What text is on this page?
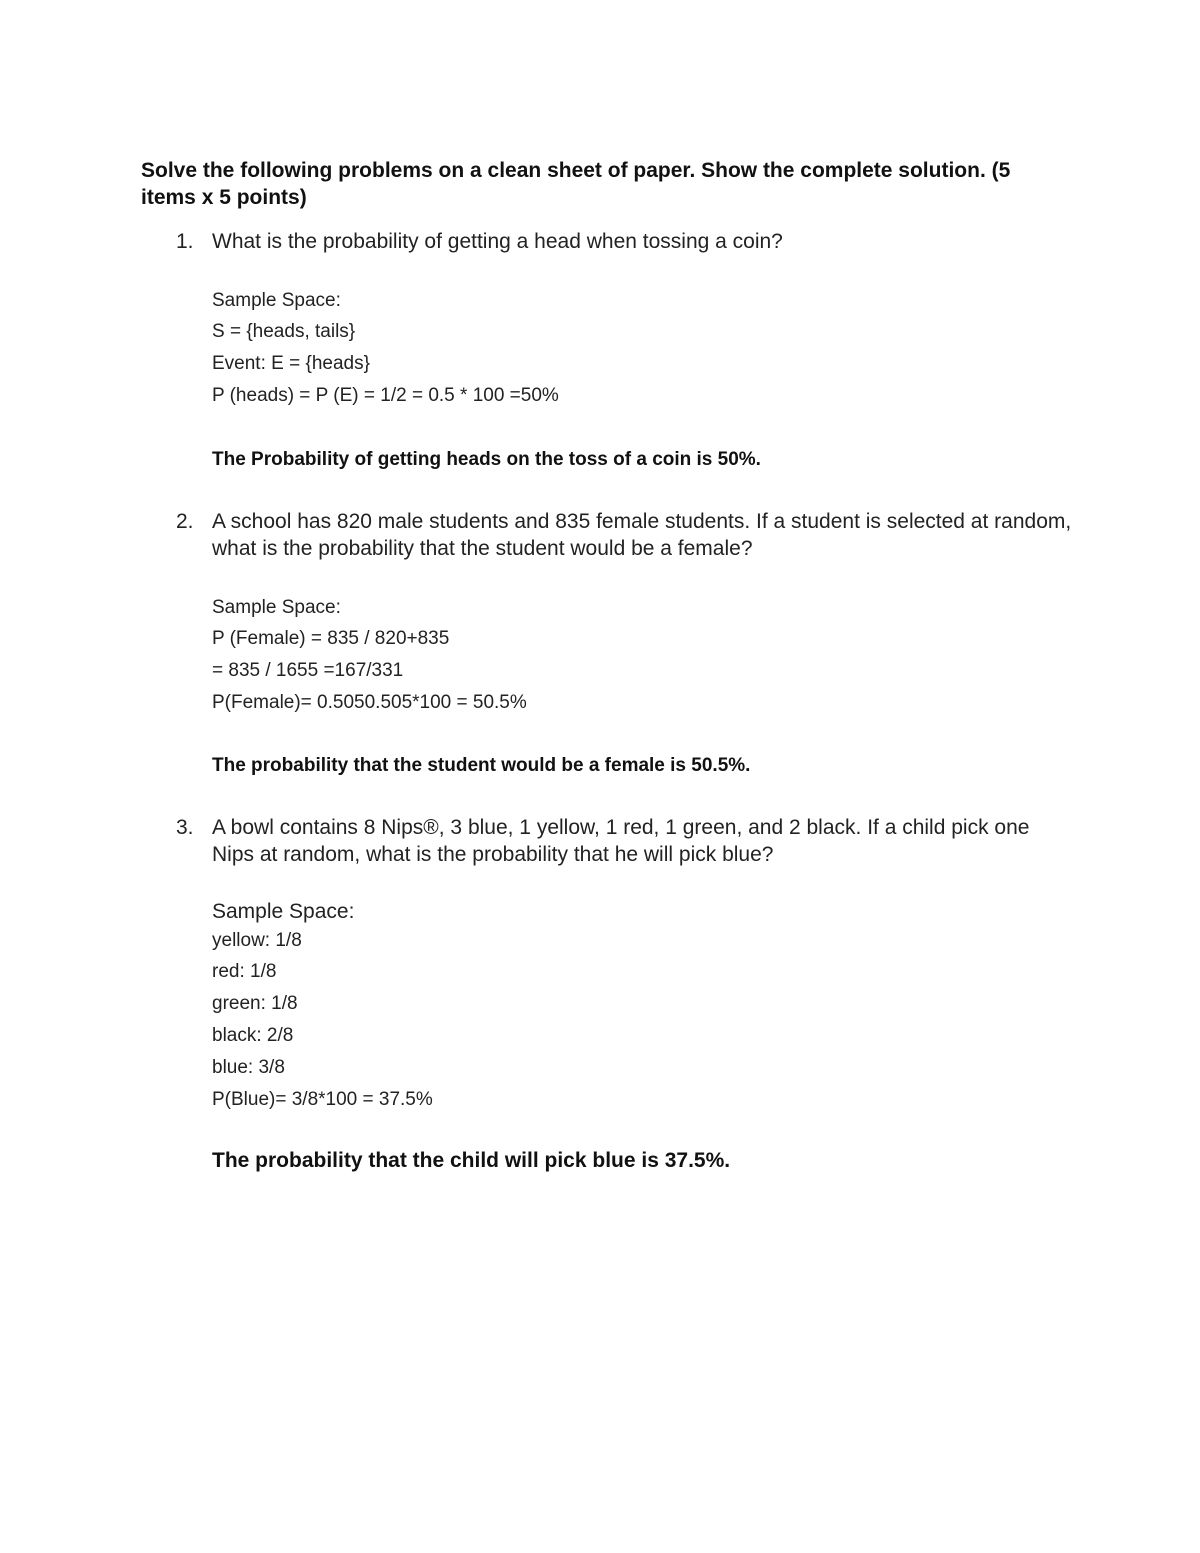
Solve the following problems on a clean sheet of paper. Show the complete solution. (5 items x 5 points)

1. What is the probability of getting a head when tossing a coin?

Sample Space:
S = {heads, tails}
Event: E = {heads}
P (heads) = P (E) = 1/2 = 0.5 * 100 =50%
The Probability of getting heads on the toss of a coin is 50%.
2. A school has 820 male students and 835 female students. If a student is selected at random, what is the probability that the student would be a female?

Sample Space:
P (Female) = 835 / 820+835
= 835 / 1655 =167/331
P(Female)= 0.5050.505*100 = 50.5%
The probability that the student would be a female is 50.5%.
3. A bowl contains 8 Nips®, 3 blue, 1 yellow, 1 red, 1 green, and 2 black. If a child pick one Nips at random, what is the probability that he will pick blue?

Sample Space:
yellow: 1/8
red: 1/8
green: 1/8
black: 2/8
blue: 3/8
P(Blue)= 3/8*100 = 37.5%
The probability that the child will pick blue is 37.5%.
